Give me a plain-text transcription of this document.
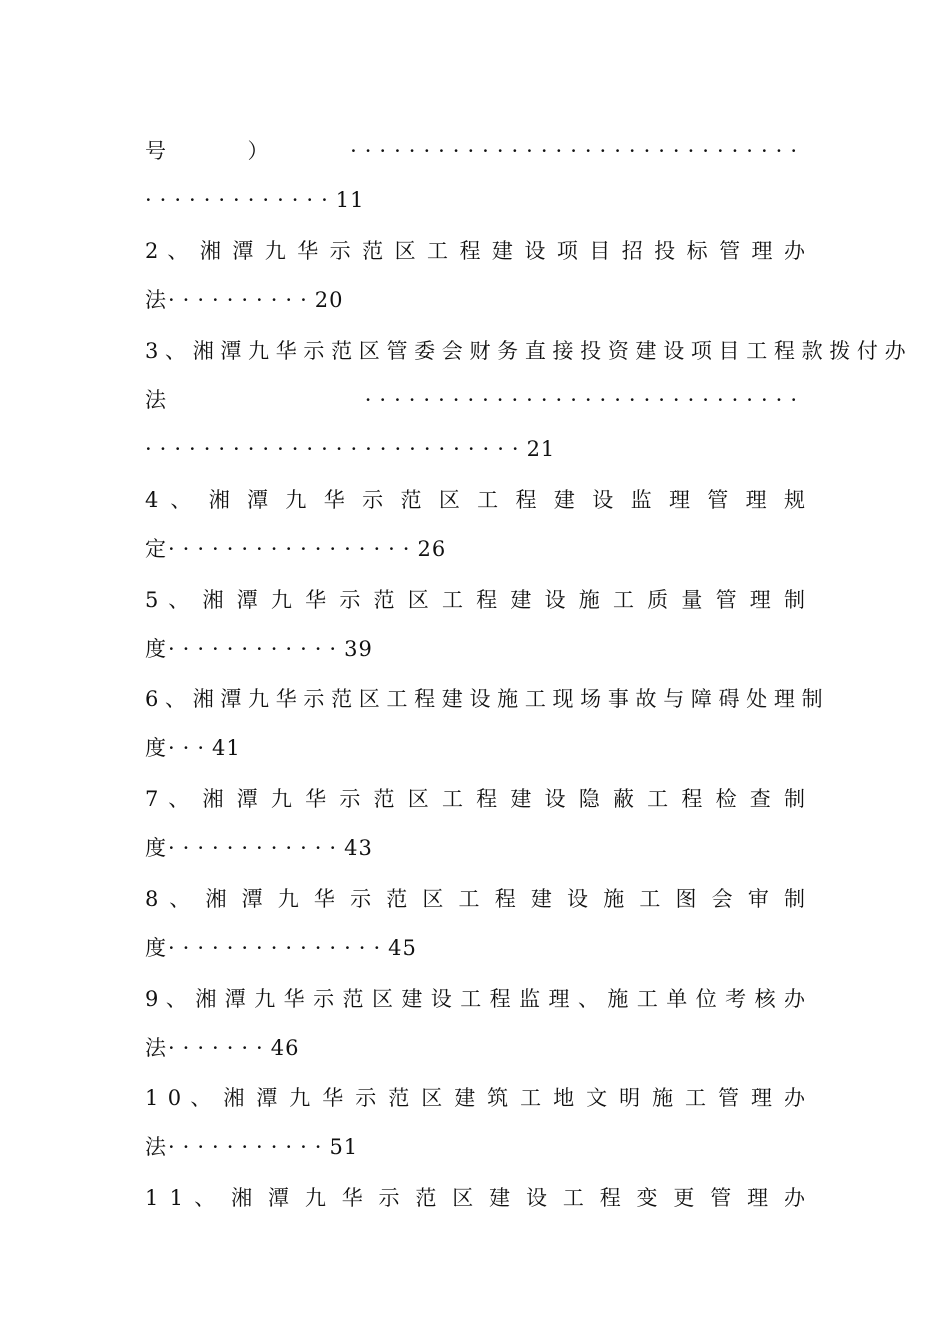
号 ） ·······························
·············11
2 、 湘 潭 九 华 示 范 区 工 程 建 设 项 目 招 投 标 管 理 办
法··········20
3 、 湘 潭 九 华 示 范 区 管 委 会 财 务 直 接 投 资 建 设 项 目 工 程 款 拨 付 办
法	······························
··························21
4 、 湘 潭 九 华 示 范 区 工 程 建 设 监 理 管 理 规
定·················26
5 、 湘 潭 九 华 示 范 区 工 程 建 设 施 工 质 量 管 理 制
度············39
6 、 湘 潭 九 华 示 范 区 工 程 建 设 施 工 现 场 事 故 与 障 碍 处 理 制
度···41
7 、 湘 潭 九 华 示 范 区 工 程 建 设 隐 蔽 工 程 检 查 制
度············43
8 、 湘 潭 九 华 示 范 区 工 程 建 设 施 工 图 会 审 制
度···············45
9 、 湘 潭 九 华 示 范 区 建 设 工 程 监 理 、 施 工 单 位 考 核 办
法·······46
1 0 、 湘 潭 九 华 示 范 区 建 筑 工 地 文 明 施 工 管 理 办
法···········51
1 1 、 湘 潭 九 华 示 范 区 建 设 工 程 变 更 管 理 办
